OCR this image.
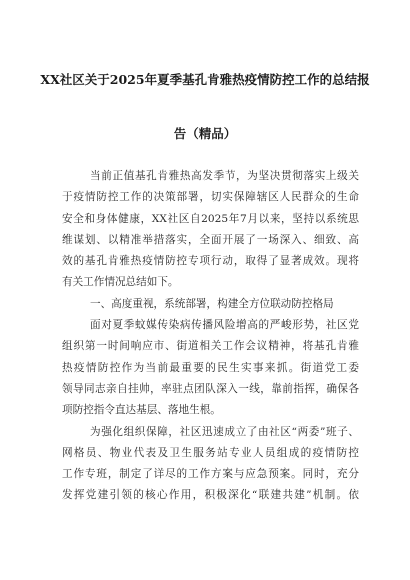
XX社区关于2025年夏季基孔肯雅热疫情防控工作的总结报
告（精品）
当前正值基孔肯雅热高发季节，为坚决贯彻落实上级关
于疫情防控工作的决策部署，切实保障辖区人民群众的生命
安全和身体健康，XX社区自2025年7月以来，坚持以系统思
维谋划、以精准举措落实，全面开展了一场深入、细致、高
效的基孔肯雅热疫情防控专项行动，取得了显著成效。现将
有关工作情况总结如下。
一、高度重视，系统部署，构建全方位联动防控格局
面对夏季蚊媒传染病传播风险增高的严峻形势，社区党
组织第一时间响应市、街道相关工作会议精神，将基孔肯雅
热疫情防控作为当前最重要的民生实事来抓。街道党工委
领导同志亲自挂帅，率驻点团队深入一线，靠前指挥，确保各
项防控指令直达基层、落地生根。
为强化组织保障，社区迅速成立了由社区“两委”班子、
网格员、物业代表及卫生服务站专业人员组成的疫情防控
工作专班，制定了详尽的工作方案与应急预案。同时，充分
发挥党建引领的核心作用，积极深化“联建共建”机制。依
